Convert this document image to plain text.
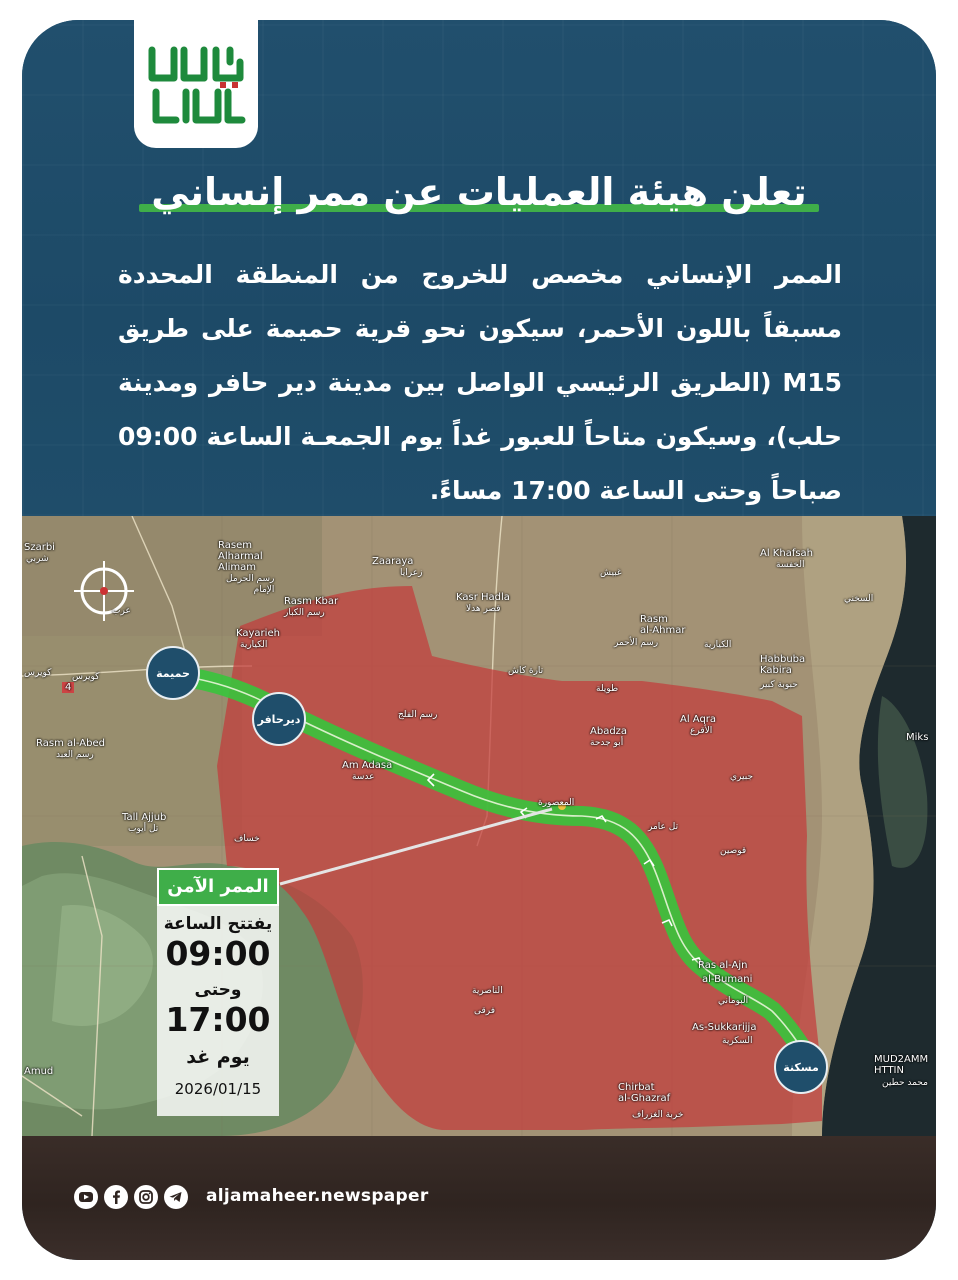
تعلن هيئة العمليات عن ممر إنساني
الممر الإنساني مخصص للخروج من المنطقة المحددة مسبقاً باللون الأحمر، سيكون نحو قرية حميمة على طريق M15 (الطريق الرئيسي الواصل بين مدينة دير حافر ومدينة حلب)، وسيكون متاحاً للعبور غداً يوم الجمعـة الساعة 09:00 صباحاً وحتى الساعة 17:00 مساءً.
Szarbi
شربي
Rasem
Alharmal
Alimam
رسم الحرمل
الإمام
Rasm Kbar
رسم الكبار
Zaaraya
زعرايا
Kasr Hadla
قصر هدلا
غبيش
Al Khafsah
الخفسة
السخني
Kayarieh
الكيارية
Rasm
al-Ahmar
رسم الأحمر	الكيارية
Habbuba
Kabira
حبوبة كبير
تارة كاش
طويلة
رسم الفلج	Al Aqra
الأقرع
Abadza
أبو جدحة	Miks
Rasm al-Abed
رسم العبد
Am Adasa
عدسة	جبيري
المعصورة
تل عامر
Tall Ajjub
تل أيوب
خساف
قوصين
Ras al-Ajn
al-Bumani
البوماني
الناصرية
فرقى
As-Sukkarijja
السكرية
Amud
Chirbat
al-Ghazraf
خربة الغزراف
MUD2AMM
HTTIN
محمد حطين
كويرس كويرس
4
عرب
حميمة
ديرحافر
مسكنة
الممر الآمن
يفتتح الساعة
09:00
وحتى
17:00
يوم غد
2026/01/15
aljamaheer.newspaper
